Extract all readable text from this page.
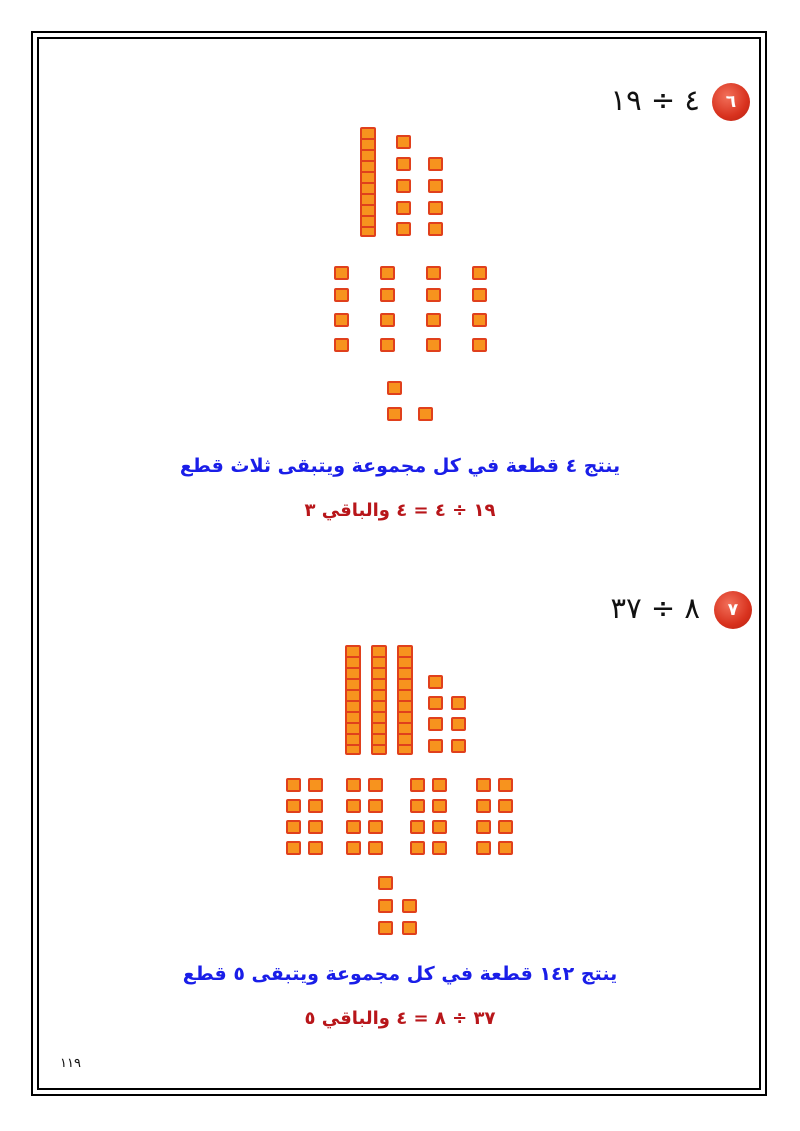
٦
٤ ÷ ١٩
ينتج ٤ قطعة في كل مجموعة ويتبقى ثلاث قطع
١٩ ÷ ٤ = ٤ والباقي ٣
٧
٨ ÷ ٣٧
ينتج ١٤٢ قطعة في كل مجموعة ويتبقى ٥ قطع
٣٧ ÷ ٨ = ٤ والباقي ٥
١١٩
